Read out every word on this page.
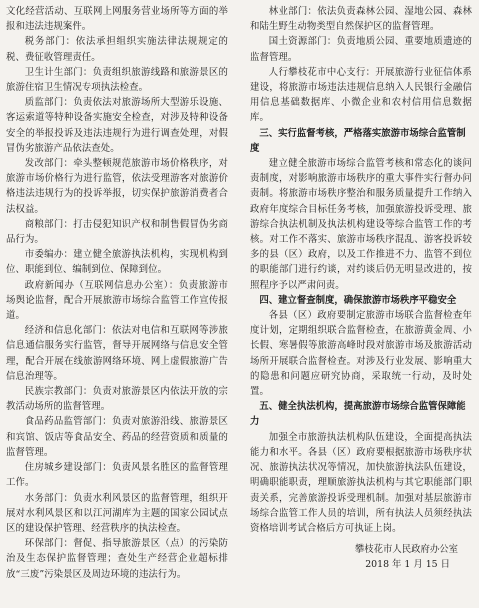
文化经营活动、互联网上网服务营业场所等方面的举报和违法违规案件。

税务部门：依法承担组织实施法律法规规定的税、费征收管理责任。

卫生计生部门：负责组织旅游线路和旅游景区的旅游住宿卫生情况专项执法检查。

质监部门：负责依法对旅游场所大型游乐设施、客运索道等特种设备实施安全检查，对涉及特种设备安全的举报投诉及违法违规行为进行调查处理，对假冒伪劣旅游产品依法查处。

发改部门：牵头整顿规范旅游市场价格秩序，对旅游市场价格行为进行监管，依法受理游客对旅游价格违法违规行为的投诉举报，切实保护旅游消费者合法权益。

商粮部门：打击侵犯知识产权和制售假冒伪劣商品行为。

市委编办：建立健全旅游执法机构，实现机构到位、职能到位、编制到位、保障到位。

政府新闻办（互联网信息办公室）：负责旅游市场舆论监督，配合开展旅游市场综合监管工作宣传报道。

经济和信息化部门：依法对电信和互联网等涉旅信息通信服务实行监管，督导开展网络与信息安全管理，配合开展在线旅游网络环境、网上虚假旅游广告信息治理等。

民族宗教部门：负责对旅游景区内依法开放的宗教活动场所的监督管理。

食品药品监管部门：负责对旅游沿线、旅游景区和宾馆、饭店等食品安全、药品的经营资质和质量的监督管理。

住房城乡建设部门：负责风景名胜区的监督管理工作。

水务部门：负责水利风景区的监督管理，组织开展对水利风景区和以江河湖库为主题的国家公园试点区的建设保护管理、经营秩序的执法检查。

环保部门：督促、指导旅游景区（点）的污染防治及生态保护监督管理；查处生产经营企业超标排放“三废”污染景区及周边环境的违法行为。

林业部门：依法负责森林公园、湿地公园、森林和陆生野生动物类型自然保护区的监督管理。

国土资源部门：负责地质公园、重要地质遗迹的监督管理。

人行攀枝花市中心支行：开展旅游行业征信体系建设，将旅游市场违法违规信息纳入人民银行金融信用信息基础数据库、小微企业和农村信用信息数据库。

三、实行监督考核，严格落实旅游市场综合监管制度

建立健全旅游市场综合监管考核和常态化的谈问责制度，对影响旅游市场秩序的重大事件实行督办问责制。将旅游市场秩序整治和服务质量提升工作纳入政府年度综合目标任务考核，加强旅游投诉受理、旅游综合执法机制及执法机构建设等综合监管工作的考核。对工作不落实、旅游市场秩序混乱、游客投诉较多的县（区）政府，以及工作推进不力、监管不到位的职能部门进行约谈，对约谈后仍无明显改进的，按照程序予以严肃问责。

四、建立督查制度，确保旅游市场秩序平稳安全

各县（区）政府要制定旅游市场联合监督检查年度计划，定期组织联合监督检查，在旅游黄金周、小长假、寒暑假等旅游高峰时段对旅游市场及旅游活动场所开展联合监督检查。对涉及行业发展、影响重大的隐患和问题应研究协商，采取统一行动，及时处置。

五、健全执法机构，提高旅游市场综合监管保障能力

加强全市旅游执法机构队伍建设，全面提高执法能力和水平。各县（区）政府要根据旅游市场秩序状况、旅游执法状况等情况，加快旅游执法队伍建设，明确职能职责，理顺旅游执法机构与其它职能部门职责关系，完善旅游投诉受理机制。加强对基层旅游市场综合监管工作人员的培训，所有执法人员须经执法资格培训考试合格后方可执证上岗。

攀枝花市人民政府办公室
2018 年 1 月 15 日
